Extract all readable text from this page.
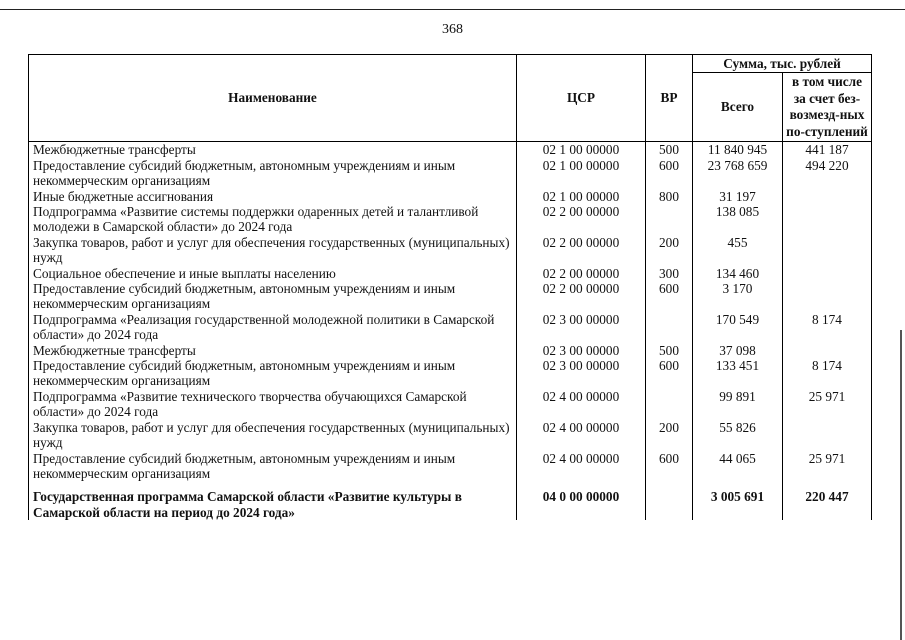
368
Наименование	ЦСР	ВР	Сумма, тыс. рублей	
			Всего	в том числе за счет без-возмезд-ных по-ступлений
Межбюджетные трансферты	02 1 00 00000	500	11 840 945	441 187
Предоставление субсидий бюджетным, автономным учреждениям и иным некоммерческим организациям	02 1 00 00000	600	23 768 659	494 220
Иные бюджетные ассигнования	02 1 00 00000	800	31 197	
Подпрограмма «Развитие системы поддержки одаренных детей и талантливой молодежи в Самарской области» до 2024 года	02 2 00 00000		138 085	
Закупка товаров, работ и услуг для обеспечения государственных (муниципальных) нужд	02 2 00 00000	200	455	
Социальное обеспечение и иные выплаты населению	02 2 00 00000	300	134 460	
Предоставление субсидий бюджетным, автономным учреждениям и иным некоммерческим организациям	02 2 00 00000	600	3 170	
Подпрограмма «Реализация государственной молодежной политики в Самарской области» до 2024 года	02 3 00 00000		170 549	8 174
Межбюджетные трансферты	02 3 00 00000	500	37 098	
Предоставление субсидий бюджетным, автономным учреждениям и иным некоммерческим организациям	02 3 00 00000	600	133 451	8 174
Подпрограмма «Развитие технического творчества обучающихся Самарской области» до 2024 года	02 4 00 00000		99 891	25 971
Закупка товаров, работ и услуг для обеспечения государственных (муниципальных) нужд	02 4 00 00000	200	55 826	
Предоставление субсидий бюджетным, автономным учреждениям и иным некоммерческим организациям	02 4 00 00000	600	44 065	25 971
Государственная программа Самарской области «Развитие культуры в Самарской области на период до 2024 года»	04 0 00 00000		3 005 691	220 447
